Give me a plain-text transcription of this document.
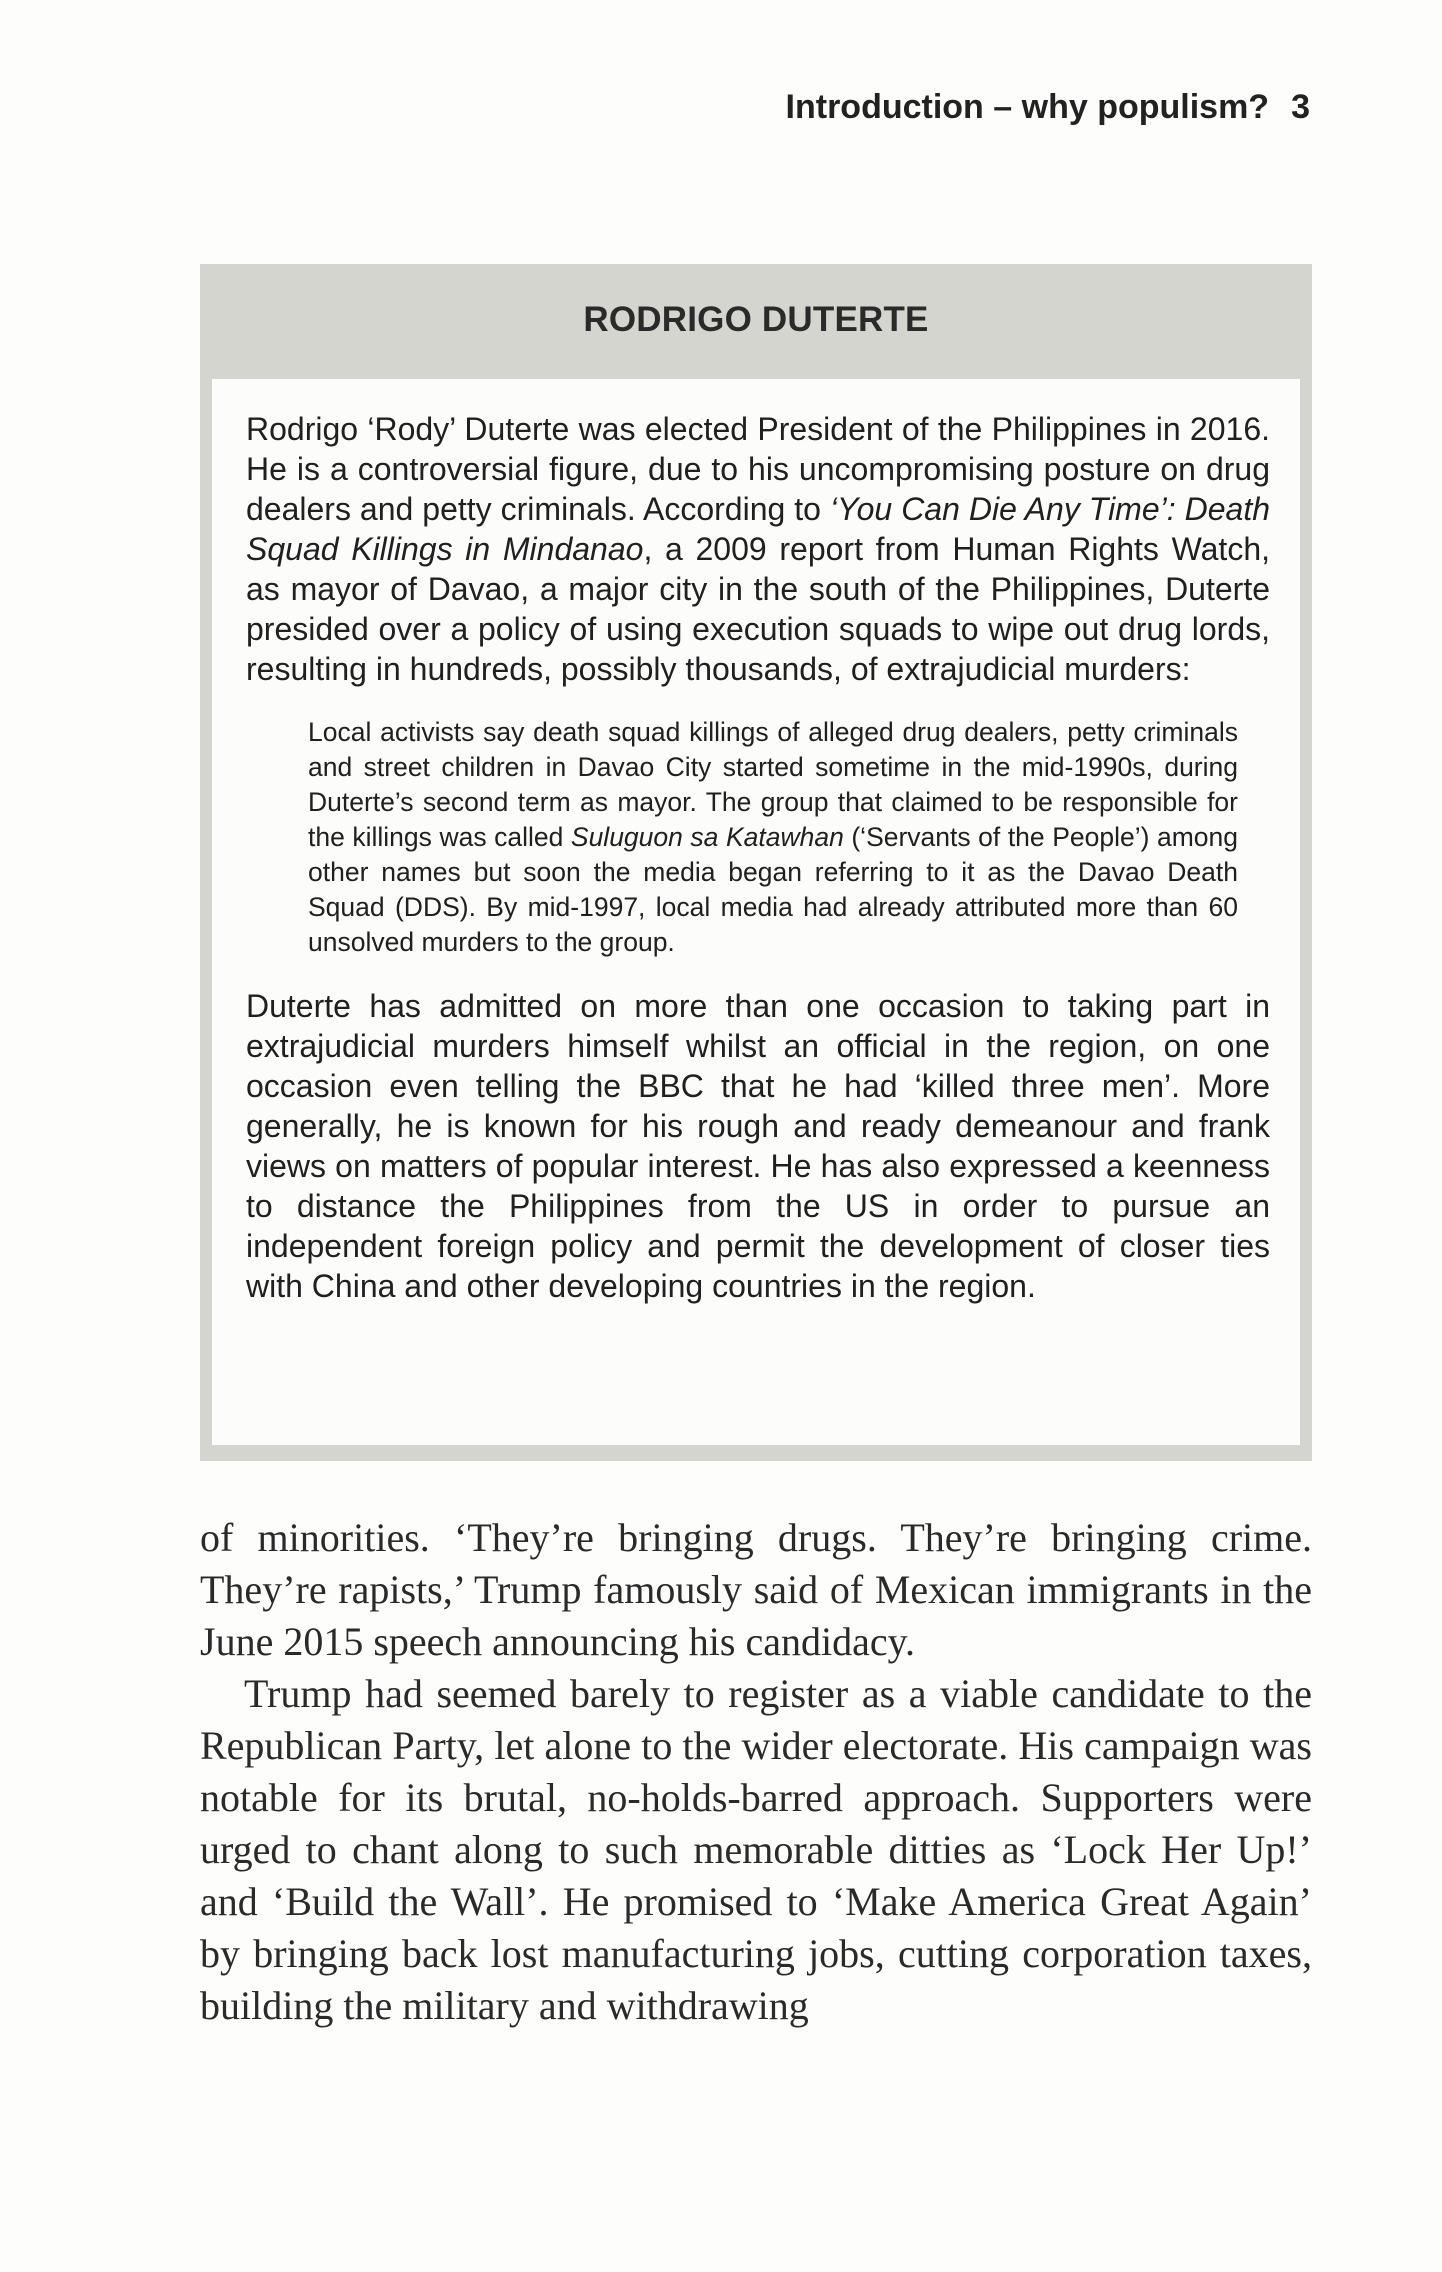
Introduction – why populism? 3
RODRIGO DUTERTE

Rodrigo ‘Rody’ Duterte was elected President of the Philippines in 2016. He is a controversial figure, due to his uncompromising posture on drug dealers and petty criminals. According to ‘You Can Die Any Time’: Death Squad Killings in Mindanao, a 2009 report from Human Rights Watch, as mayor of Davao, a major city in the south of the Philippines, Duterte presided over a policy of using execution squads to wipe out drug lords, resulting in hundreds, possibly thousands, of extrajudicial murders:

Local activists say death squad killings of alleged drug dealers, petty criminals and street children in Davao City started sometime in the mid-1990s, during Duterte’s second term as mayor. The group that claimed to be responsible for the killings was called Suluguon sa Katawhan (‘Servants of the People’) among other names but soon the media began referring to it as the Davao Death Squad (DDS). By mid-1997, local media had already attributed more than 60 unsolved murders to the group.

Duterte has admitted on more than one occasion to taking part in extrajudicial murders himself whilst an official in the region, on one occasion even telling the BBC that he had ‘killed three men’. More generally, he is known for his rough and ready demeanour and frank views on matters of popular interest. He has also expressed a keenness to distance the Philippines from the US in order to pursue an independent foreign policy and permit the development of closer ties with China and other developing countries in the region.

of minorities. ‘They’re bringing drugs. They’re bringing crime. They’re rapists,’ Trump famously said of Mexican immigrants in the June 2015 speech announcing his candidacy.

Trump had seemed barely to register as a viable candidate to the Republican Party, let alone to the wider electorate. His campaign was notable for its brutal, no-holds-barred approach. Supporters were urged to chant along to such memorable ditties as ‘Lock Her Up!’ and ‘Build the Wall’. He promised to ‘Make America Great Again’ by bringing back lost manufacturing jobs, cutting corporation taxes, building the military and withdrawing
